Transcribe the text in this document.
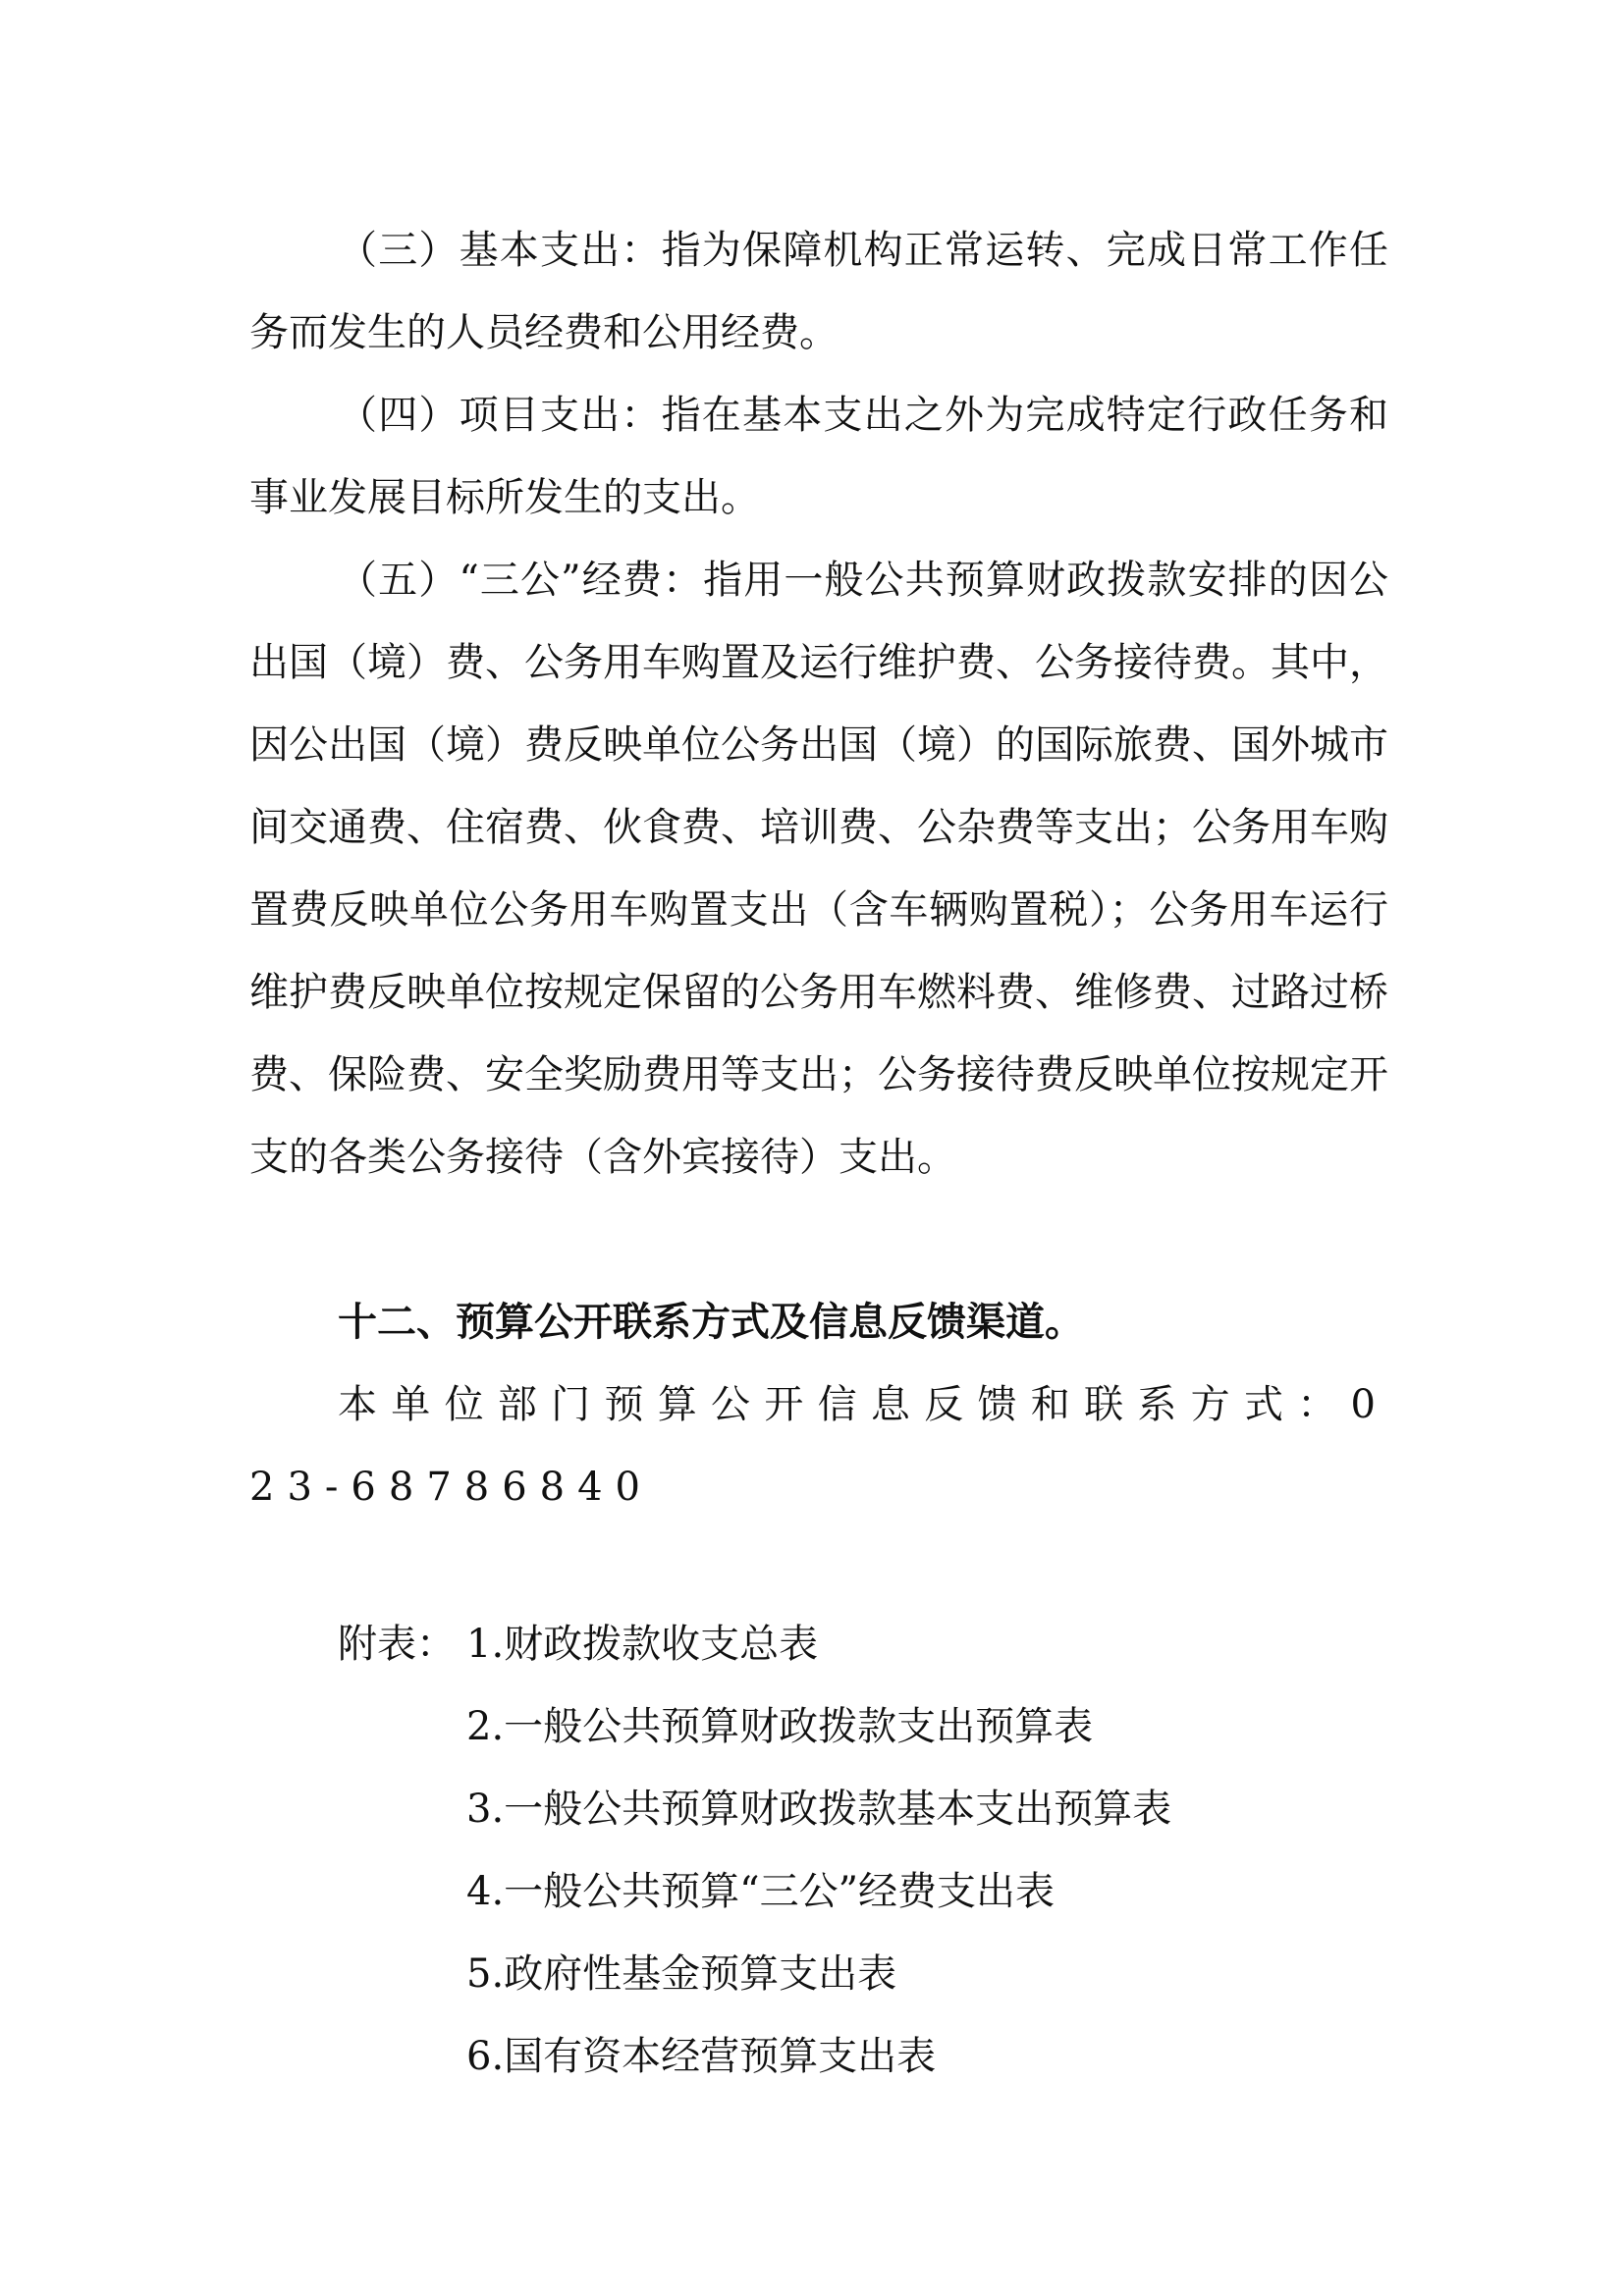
（三）基本支出：指为保障机构正常运转、完成日常工作任务而发生的人员经费和公用经费。

（四）项目支出：指在基本支出之外为完成特定行政任务和事业发展目标所发生的支出。

（五）“三公”经费：指用一般公共预算财政拨款安排的因公出国（境）费、公务用车购置及运行维护费、公务接待费。其中，因公出国（境）费反映单位公务出国（境）的国际旅费、国外城市间交通费、住宿费、伙食费、培训费、公杂费等支出；公务用车购置费反映单位公务用车购置支出（含车辆购置税）；公务用车运行维护费反映单位按规定保留的公务用车燃料费、维修费、过路过桥费、保险费、安全奖励费用等支出；公务接待费反映单位按规定开支的各类公务接待（含外宾接待）支出。

十二、预算公开联系方式及信息反馈渠道。

本单位部门预算公开信息反馈和联系方式：023-68786840

附表： 1.财政拨款收支总表

2.一般公共预算财政拨款支出预算表

3.一般公共预算财政拨款基本支出预算表

4.一般公共预算“三公”经费支出表

5.政府性基金预算支出表

6.国有资本经营预算支出表
